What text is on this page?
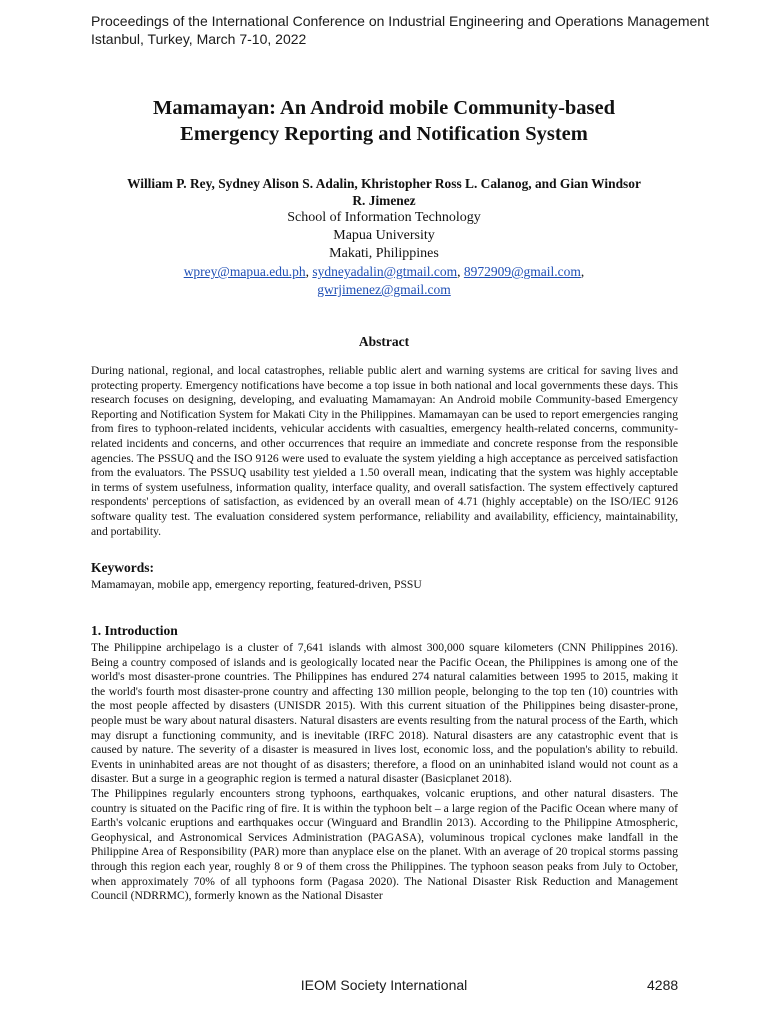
Proceedings of the International Conference on Industrial Engineering and Operations Management
Istanbul, Turkey, March 7-10, 2022
Mamamayan: An Android mobile Community-based
Emergency Reporting and Notification System
William P. Rey, Sydney Alison S. Adalin, Khristopher Ross L. Calanog, and Gian Windsor
R. Jimenez
School of Information Technology
Mapua University
Makati, Philippines
wprey@mapua.edu.ph, sydneyadalin@gtmail.com, 8972909@gmail.com,
gwrjimenez@gmail.com
Abstract
During national, regional, and local catastrophes, reliable public alert and warning systems are critical for saving lives and protecting property. Emergency notifications have become a top issue in both national and local governments these days. This research focuses on designing, developing, and evaluating Mamamayan: An Android mobile Community-based Emergency Reporting and Notification System for Makati City in the Philippines. Mamamayan can be used to report emergencies ranging from fires to typhoon-related incidents, vehicular accidents with casualties, emergency health-related concerns, community-related incidents and concerns, and other occurrences that require an immediate and concrete response from the responsible agencies. The PSSUQ and the ISO 9126 were used to evaluate the system yielding a high acceptance as perceived satisfaction from the evaluators. The PSSUQ usability test yielded a 1.50 overall mean, indicating that the system was highly acceptable in terms of system usefulness, information quality, interface quality, and overall satisfaction. The system effectively captured respondents' perceptions of satisfaction, as evidenced by an overall mean of 4.71 (highly acceptable) on the ISO/IEC 9126 software quality test. The evaluation considered system performance, reliability and availability, efficiency, maintainability, and portability.
Keywords:
Mamamayan, mobile app, emergency reporting, featured-driven, PSSU
1. Introduction

The Philippine archipelago is a cluster of 7,641 islands with almost 300,000 square kilometers (CNN Philippines 2016). Being a country composed of islands and is geologically located near the Pacific Ocean, the Philippines is among one of the world's most disaster-prone countries. The Philippines has endured 274 natural calamities between 1995 to 2015, making it the world's fourth most disaster-prone country and affecting 130 million people, belonging to the top ten (10) countries with the most people affected by disasters (UNISDR 2015). With this current situation of the Philippines being disaster-prone, people must be wary about natural disasters. Natural disasters are events resulting from the natural process of the Earth, which may disrupt a functioning community, and is inevitable (IRFC 2018). Natural disasters are any catastrophic event that is caused by nature. The severity of a disaster is measured in lives lost, economic loss, and the population's ability to rebuild. Events in uninhabited areas are not thought of as disasters; therefore, a flood on an uninhabited island would not count as a disaster. But a surge in a geographic region is termed a natural disaster (Basicplanet 2018).

The Philippines regularly encounters strong typhoons, earthquakes, volcanic eruptions, and other natural disasters. The country is situated on the Pacific ring of fire. It is within the typhoon belt – a large region of the Pacific Ocean where many of Earth's volcanic eruptions and earthquakes occur (Winguard and Brandlin 2013). According to the Philippine Atmospheric, Geophysical, and Astronomical Services Administration (PAGASA), voluminous tropical cyclones make landfall in the Philippine Area of Responsibility (PAR) more than anyplace else on the planet. With an average of 20 tropical storms passing through this region each year, roughly 8 or 9 of them cross the Philippines. The typhoon season peaks from July to October, when approximately 70% of all typhoons form (Pagasa 2020). The National Disaster Risk Reduction and Management Council (NDRRMC), formerly known as the National Disaster

IEOM Society International	4288
